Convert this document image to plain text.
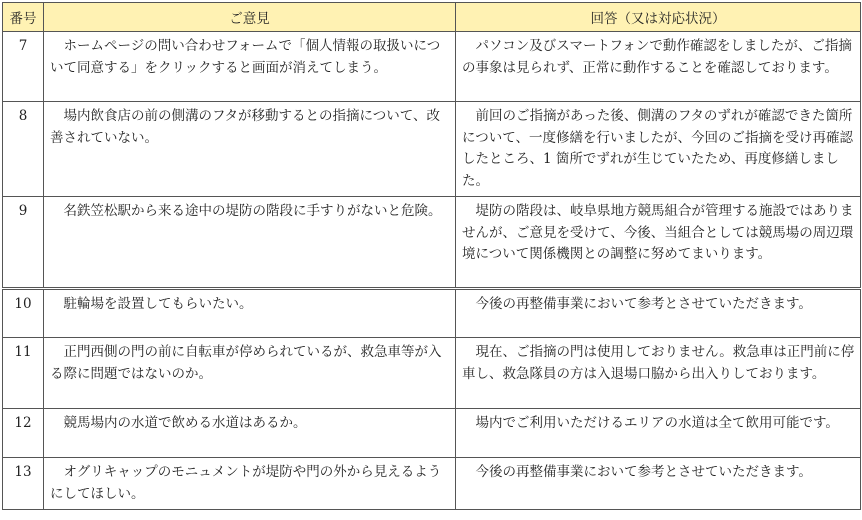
番号	ご意見	回答（又は対応状況）
7	ホームページの問い合わせフォームで「個人情報の取扱いについて同意する」をクリックすると画面が消えてしまう。	パソコン及びスマートフォンで動作確認をしましたが、ご指摘の事象は見られず、正常に動作することを確認しております。

8	場内飲食店の前の側溝のフタが移動するとの指摘について、改善されていない。	前回のご指摘があった後、側溝のフタのずれが確認できた箇所について、一度修繕を行いましたが、今回のご指摘を受け再確認したところ、1 箇所でずれが生じていたため、再度修繕しました。

9	名鉄笠松駅から来る途中の堤防の階段に手すりがないと危険。	堤防の階段は、岐阜県地方競馬組合が管理する施設ではありませんが、ご意見を受けて、今後、当組合としては競馬場の周辺環境について関係機関との調整に努めてまいります。

10	駐輪場を設置してもらいたい。	今後の再整備事業において参考とさせていただきます。

11	正門西側の門の前に自転車が停められているが、救急車等が入る際に問題ではないのか。	現在、ご指摘の門は使用しておりません。救急車は正門前に停車し、救急隊員の方は入退場口脇から出入りしております。

12	競馬場内の水道で飲める水道はあるか。	場内でご利用いただけるエリアの水道は全て飲用可能です。

13	オグリキャップのモニュメントが堤防や門の外から見えるようにしてほしい。	今後の再整備事業において参考とさせていただきます。
